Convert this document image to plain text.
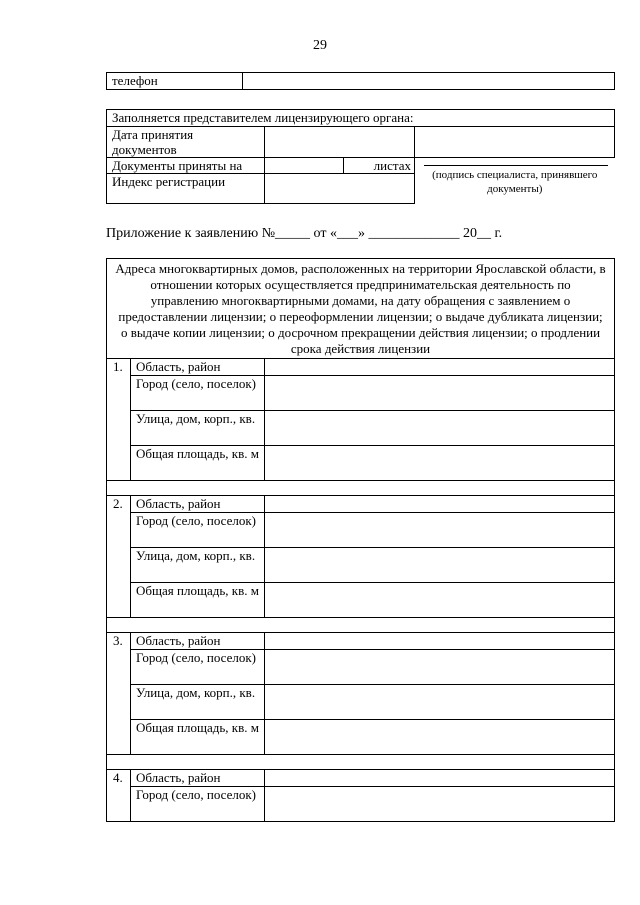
29
телефон	
Заполняется представителем лицензирующего органа:			
Дата принятия документов			
Документы приняты на		листах	(подпись специалиста, принявшего документы)

Индекс регистрации			
Приложение к заявлению №_____ от «___» _____________ 20__ г.
Адреса многоквартирных домов, расположенных на территории Ярославской области, в отношении которых осуществляется предпринимательская деятельность по управлению многоквартирными домами, на дату обращения с заявлением о предоставлении лицензии; о переоформлении лицензии; о выдаче дубликата лицензии; о выдаче копии лицензии; о досрочном прекращении действия лицензии; о продлении срока действия лицензии		
1.	Область, район	
	Город (село, поселок)	
	Улица, дом, корп., кв.	
	Общая площадь, кв. м	

2.	Область, район	
	Город (село, поселок)	
	Улица, дом, корп., кв.	
	Общая площадь, кв. м	

3.	Область, район	
	Город (село, поселок)	
	Улица, дом, корп., кв.	
	Общая площадь, кв. м	

4.	Область, район	
	Город (село, поселок)	
